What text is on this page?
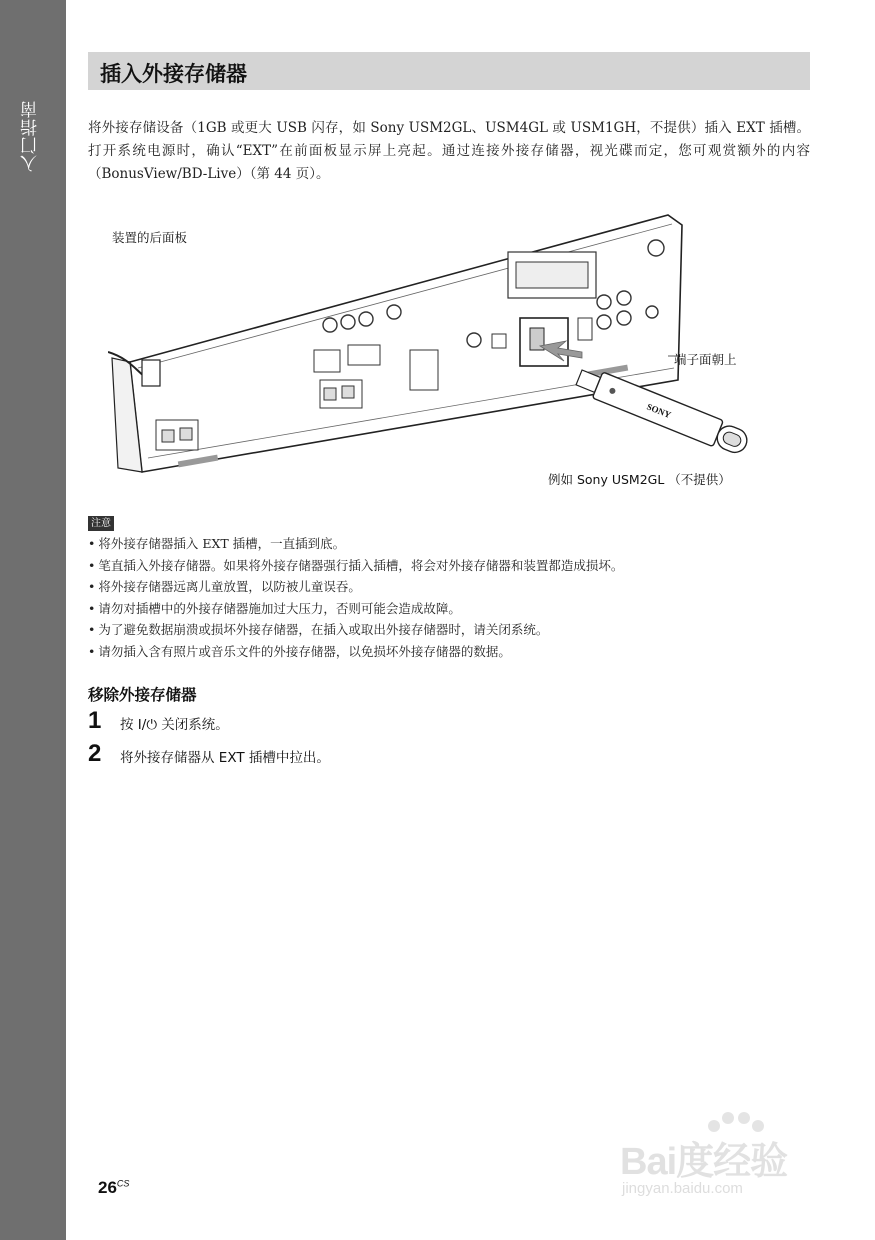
入门指南
插入外接存储器

将外接存储设备（1GB 或更大 USB 闪存，如 Sony USM2GL、USM4GL 或 USM1GH，不提供）插入 EXT 插槽。打开系统电源时，确认“EXT”在前面板显示屏上亮起。通过连接外接存储器，视光碟而定，您可观赏额外的内容（BonusView/BD-Live）（第 44 页）。

SONY
装置的后面板
端子面朝上
例如 Sony USM2GL （不提供）
注意
• 将外接存储器插入 EXT 插槽，一直插到底。
• 笔直插入外接存储器。如果将外接存储器强行插入插槽，将会对外接存储器和装置都造成损坏。
• 将外接存储器远离儿童放置，以防被儿童误吞。
• 请勿对插槽中的外接存储器施加过大压力，否则可能会造成故障。
• 为了避免数据崩溃或损坏外接存储器，在插入或取出外接存储器时，请关闭系统。
• 请勿插入含有照片或音乐文件的外接存储器，以免损坏外接存储器的数据。
移除外接存储器
1 按 I/⏻ 关闭系统。
2 将外接存储器从 EXT 插槽中拉出。
$26^{CS}$
Bai度经验
jingyan.baidu.com
